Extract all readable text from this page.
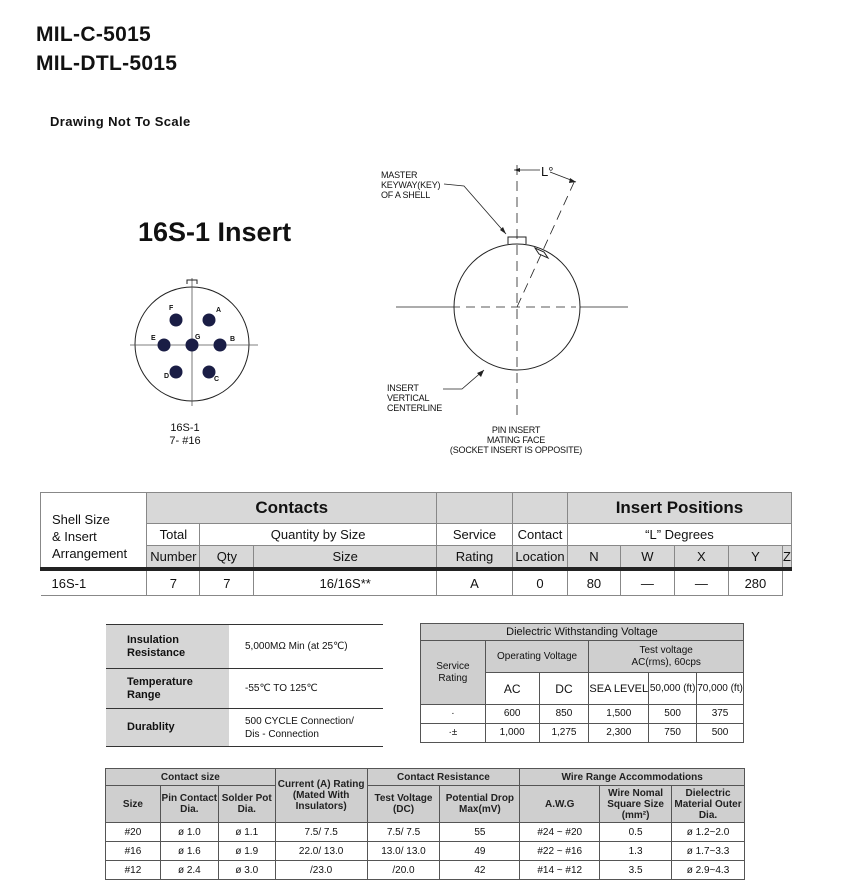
MIL-C-5015
MIL-DTL-5015
Drawing Not To Scale
16S-1 Insert
F	A
E	G	B
D	C
16S-1
7- #16
L°
MASTER
KEYWAY(KEY)
OF A SHELL
INSERT
VERTICAL
CENTERLINE
PIN INSERT
MATING FACE
(SOCKET INSERT IS OPPOSITE)
Shell Size
& Insert
Arrangement	Contacts					Insert Positions				
	Total	Quantity by Size		Service	Contact	“L” Degrees				
	Number	Qty	Size	Rating	Location	N	W	X	Y	Z
16S-1	7	7	16/16S**	A	0	80	—	—	280	
Insulation Resistance	5,000MΩ Min (at 25℃)
Temperature Range	-55℃ TO 125℃
Durablity	500 CYCLE Connection/
Dis - Connection
Dielectric Withstanding Voltage					
Service Rating	Operating Voltage		Test voltage
AC(rms), 60cps		

	AC	DC	SEA LEVEL	50,000 (ft)	70,000 (ft)
·	600	850	1,500	500	375
·±	1,000	1,275	2,300	750	500
Contact size			Current (A) Rating (Mated With Insulators)	Contact Resistance		Wire Range Accommodations		
Size	Pin Contact Dia.	Solder Pot Dia.		Test Voltage (DC)	Potential Drop Max(mV)	A.W.G	Wire Nomal Square Size (mm²)	Dielectric Material Outer Dia.
#20	ø 1.0	ø 1.1	7.5/ 7.5	7.5/ 7.5	55	#24 ~ #20	0.5	ø 1.2~2.0
#16	ø 1.6	ø 1.9	22.0/ 13.0	13.0/ 13.0	49	#22 ~ #16	1.3	ø 1.7~3.3
#12	ø 2.4	ø 3.0	/23.0	/20.0	42	#14 ~ #12	3.5	ø 2.9~4.3
